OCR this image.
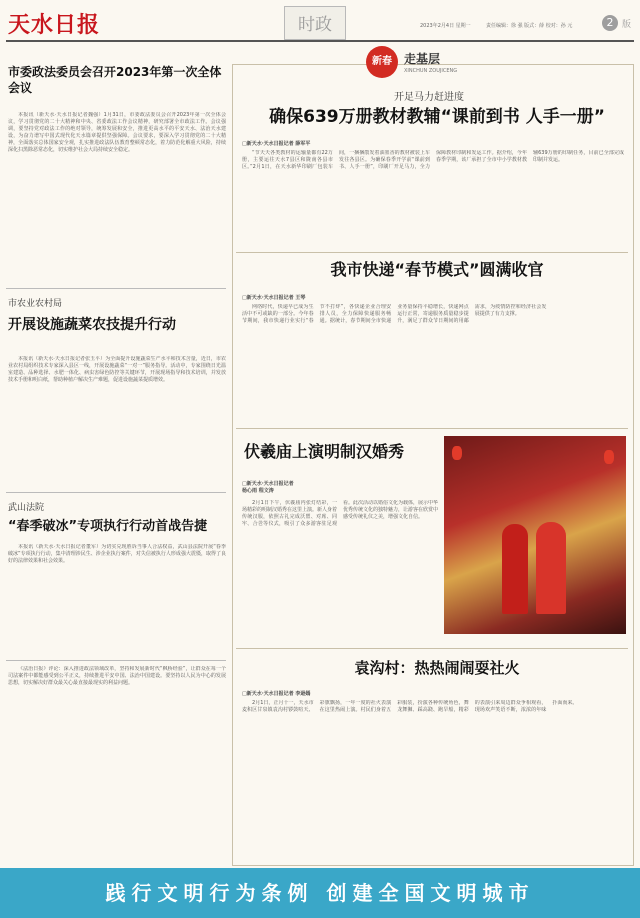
天水日报	时政	2023年2月4日 星期一	责任编辑：徐 强 版式：薛 校对：孙 元	2 版
市委政法委员会召开2023年第一次全体会议

本报讯（新天水·天水日报记者魏强）1月31日，市委政法委员会召开2023年第一次全体会议，学习贯彻党的二十大精神和中央、省委政法工作会议精神，研究部署全市政法工作。会议强调，要坚持党对政法工作的绝对领导，统筹发展和安全，推进更高水平的平安天水、法治天水建设，为奋力谱写中国式现代化天水篇章提供坚强保障。会议要求，要深入学习贯彻党的二十大精神，全面落实总体国家安全观，扎实推进政法队伍教育整顿常态化，着力防范化解重大风险，持续深化扫黑除恶常态化，切实维护社会大局持续安全稳定。

市农业农村局
开展设施蔬菜农技提升行动

本报讯（新天水·天水日报记者张玉平）为全面提升设施蔬菜生产水平和技术含量，近日，市农业农村局组织技术专家深入县区一线，开展设施蔬菜“一对一”服务指导。活动中，专家围绕日光温室建造、品种选择、水肥一体化、病虫害绿色防控等关键环节，开展现场指导和技术培训，并发放技术手册和明白纸，帮助种植户解决生产难题，促进设施蔬菜提质增效。

武山法院
“春季破冰”专项执行行动首战告捷

本报讯（新天水·天水日报记者董军）为切实兑现胜诉当事人合法权益，武山县法院开展“春季破冰”专项执行行动，集中清理涉民生、涉企业执行案件，对失信被执行人形成强大震慑，取得了良好的法律效果和社会效果。

《法治日报》评论：深入推进政法领域改革，坚持和发展新时代“枫桥经验”，让群众在每一个司法案件中都能感受到公平正义，持续推进平安中国、法治中国建设。要坚持以人民为中心的发展思想，切实解决好群众最关心最直接最现实的利益问题。

新春	走基层
XINCHUN ZOUJICENG
开足马力赶进度
确保639万册教材教辅“课前到书 人手一册”
□新天水·天水日报记者 薛军平

“节天天各类教材的运输量都有22万册，主要运往天水7县区和陇南各县市区。”2月1日，在天水新华印刷厂包装车间，一捆捆散发着油墨香的教材被装上车发往各县区。为确保春季开学前“课前到书、人手一册”，印刷厂开足马力，全力保障教材印制和发运工作。据介绍，今年春季学期，该厂承担了全市中小学教材教辅639万册的印制任务，目前已全部完成印制并发运。

我市快递“春节模式”圆满收官
□新天水·天水日报记者 王琴

网络时代，快递早已成为生活中不可或缺的一部分。今年春节期间，我市快递行业实行“春节不打烊”，各快递企业合理安排人员，全力保障快递服务畅通。据统计，春节期间全市快递业务量保持平稳增长，快递网点运行正常，寄递服务质量稳步提升，满足了群众节日期间的用邮需求，为疫情防控和经济社会发展提供了有力支撑。

伏羲庙上演明制汉婚秀
□新天水·天水日报记者
杨心雨 程文涛

2月1日下午，伏羲庙内张灯结彩，一场精彩的明制汉婚秀在这里上演。新人身着传统汉服，依照古礼完成沃盥、对席、同牢、合卺等仪式，吸引了众多游客驻足观看。此次活动以婚俗文化为载体，展示中华优秀传统文化的独特魅力，让游客在欣赏中感受传统礼仪之美，增强文化自信。

袁沟村：热热闹闹耍社火
□新天水·天水日报记者 李逊嫣

2月1日，正月十一，天水市麦积区甘泉镇袁沟村锣鼓喧天、彩旗飘扬，一年一度的社火表演在这里热闹上演。村民们身着五彩服装，扮演各种传统角色，舞龙舞狮、踩高跷、跑旱船，精彩的表演引来周边群众争相观看，现场欢声笑语不断，浓浓的年味扑面而来。

践行文明行为条例 创建全国文明城市
